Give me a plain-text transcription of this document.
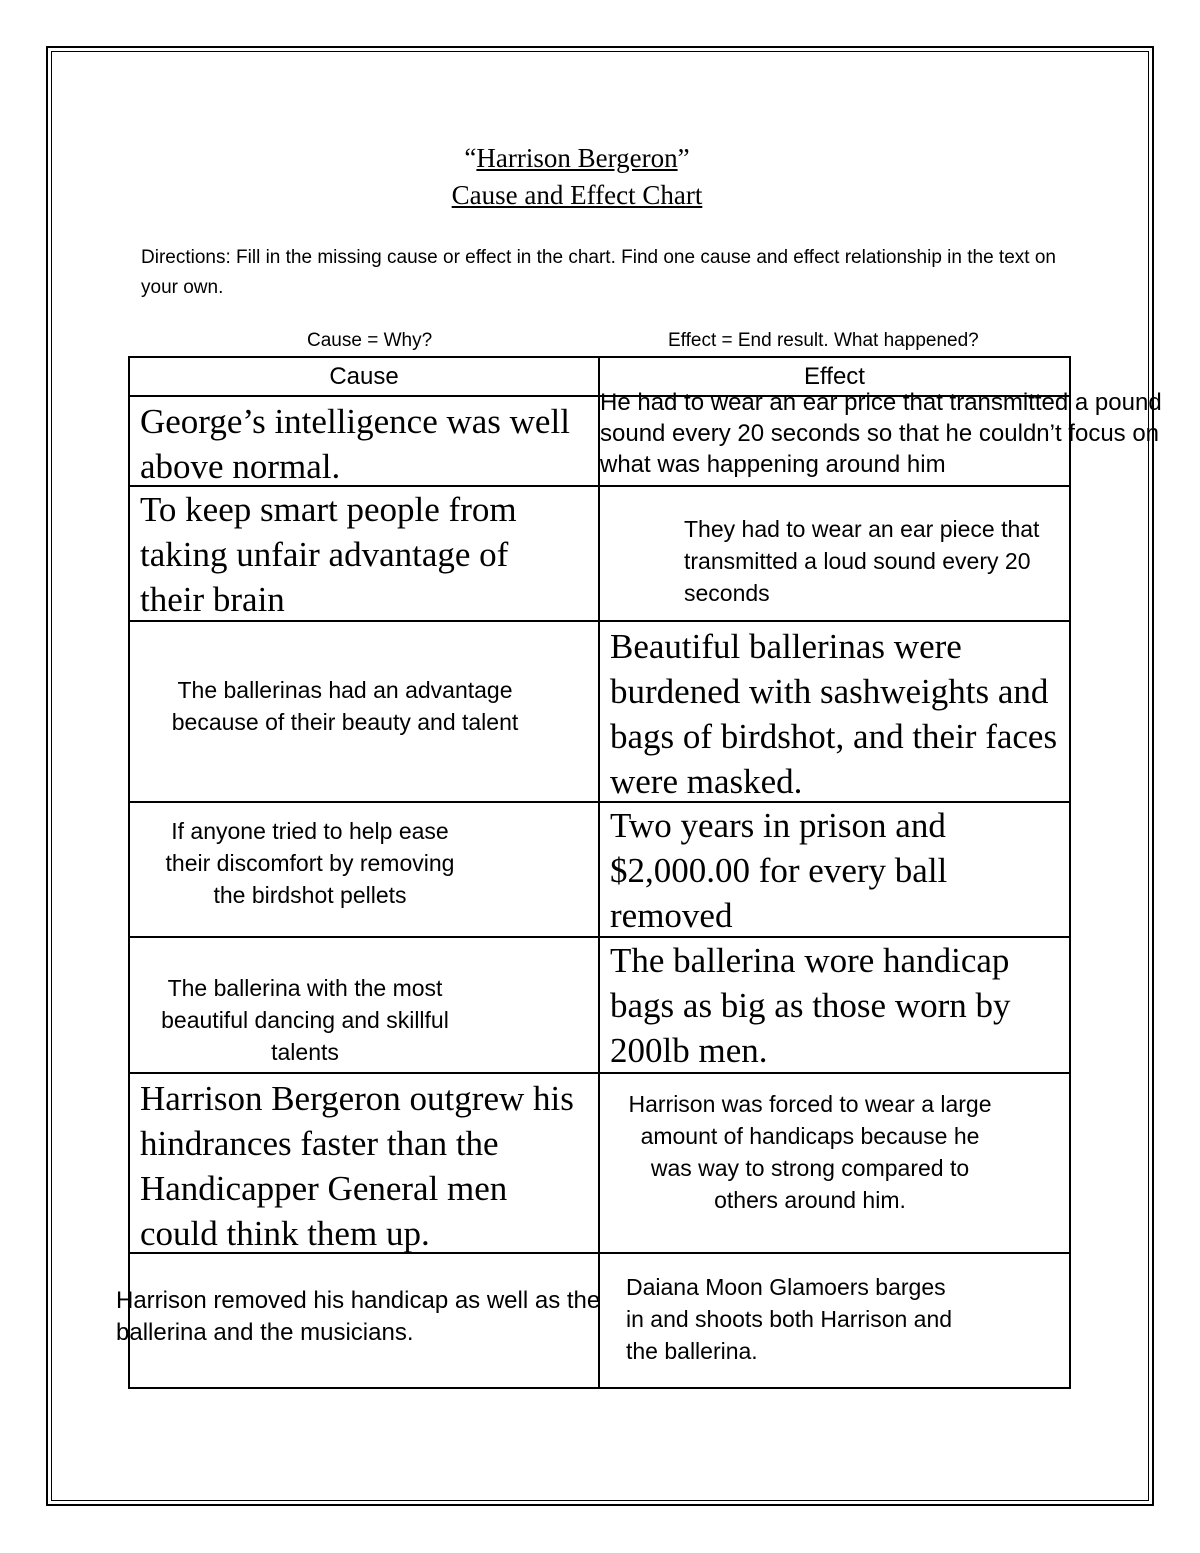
“Harrison Bergeron”
Cause and Effect Chart
Directions: Fill in the missing cause or effect in the chart. Find one cause and effect relationship in the text on your own.
Cause = Why?	Effect = End result. What happened?
Cause	Effect

George’s intelligence was well above normal.	He had to wear an ear price that transmitted a pound sound every 20 seconds so that he couldn’t focus on what was happening around him

To keep smart people from taking unfair advantage of their brain	They had to wear an ear piece that transmitted a loud sound every 20 seconds

The ballerinas had an advantage because of their beauty and talent	Beautiful ballerinas were burdened with sashweights and bags of birdshot, and their faces were masked.

If anyone tried to help ease their discomfort by removing the birdshot pellets	Two years in prison and $2,000.00 for every ball removed

The ballerina with the most beautiful dancing and skillful talents	The ballerina wore handicap bags as big as those worn by 200lb men.

Harrison Bergeron outgrew his hindrances faster than the Handicapper General men could think them up.	Harrison was forced to wear a large amount of handicaps because he was way to strong compared to others around him.

Harrison removed his handicap as well as the ballerina and the musicians.	Daiana Moon Glamoers barges in and shoots both Harrison and the ballerina.
